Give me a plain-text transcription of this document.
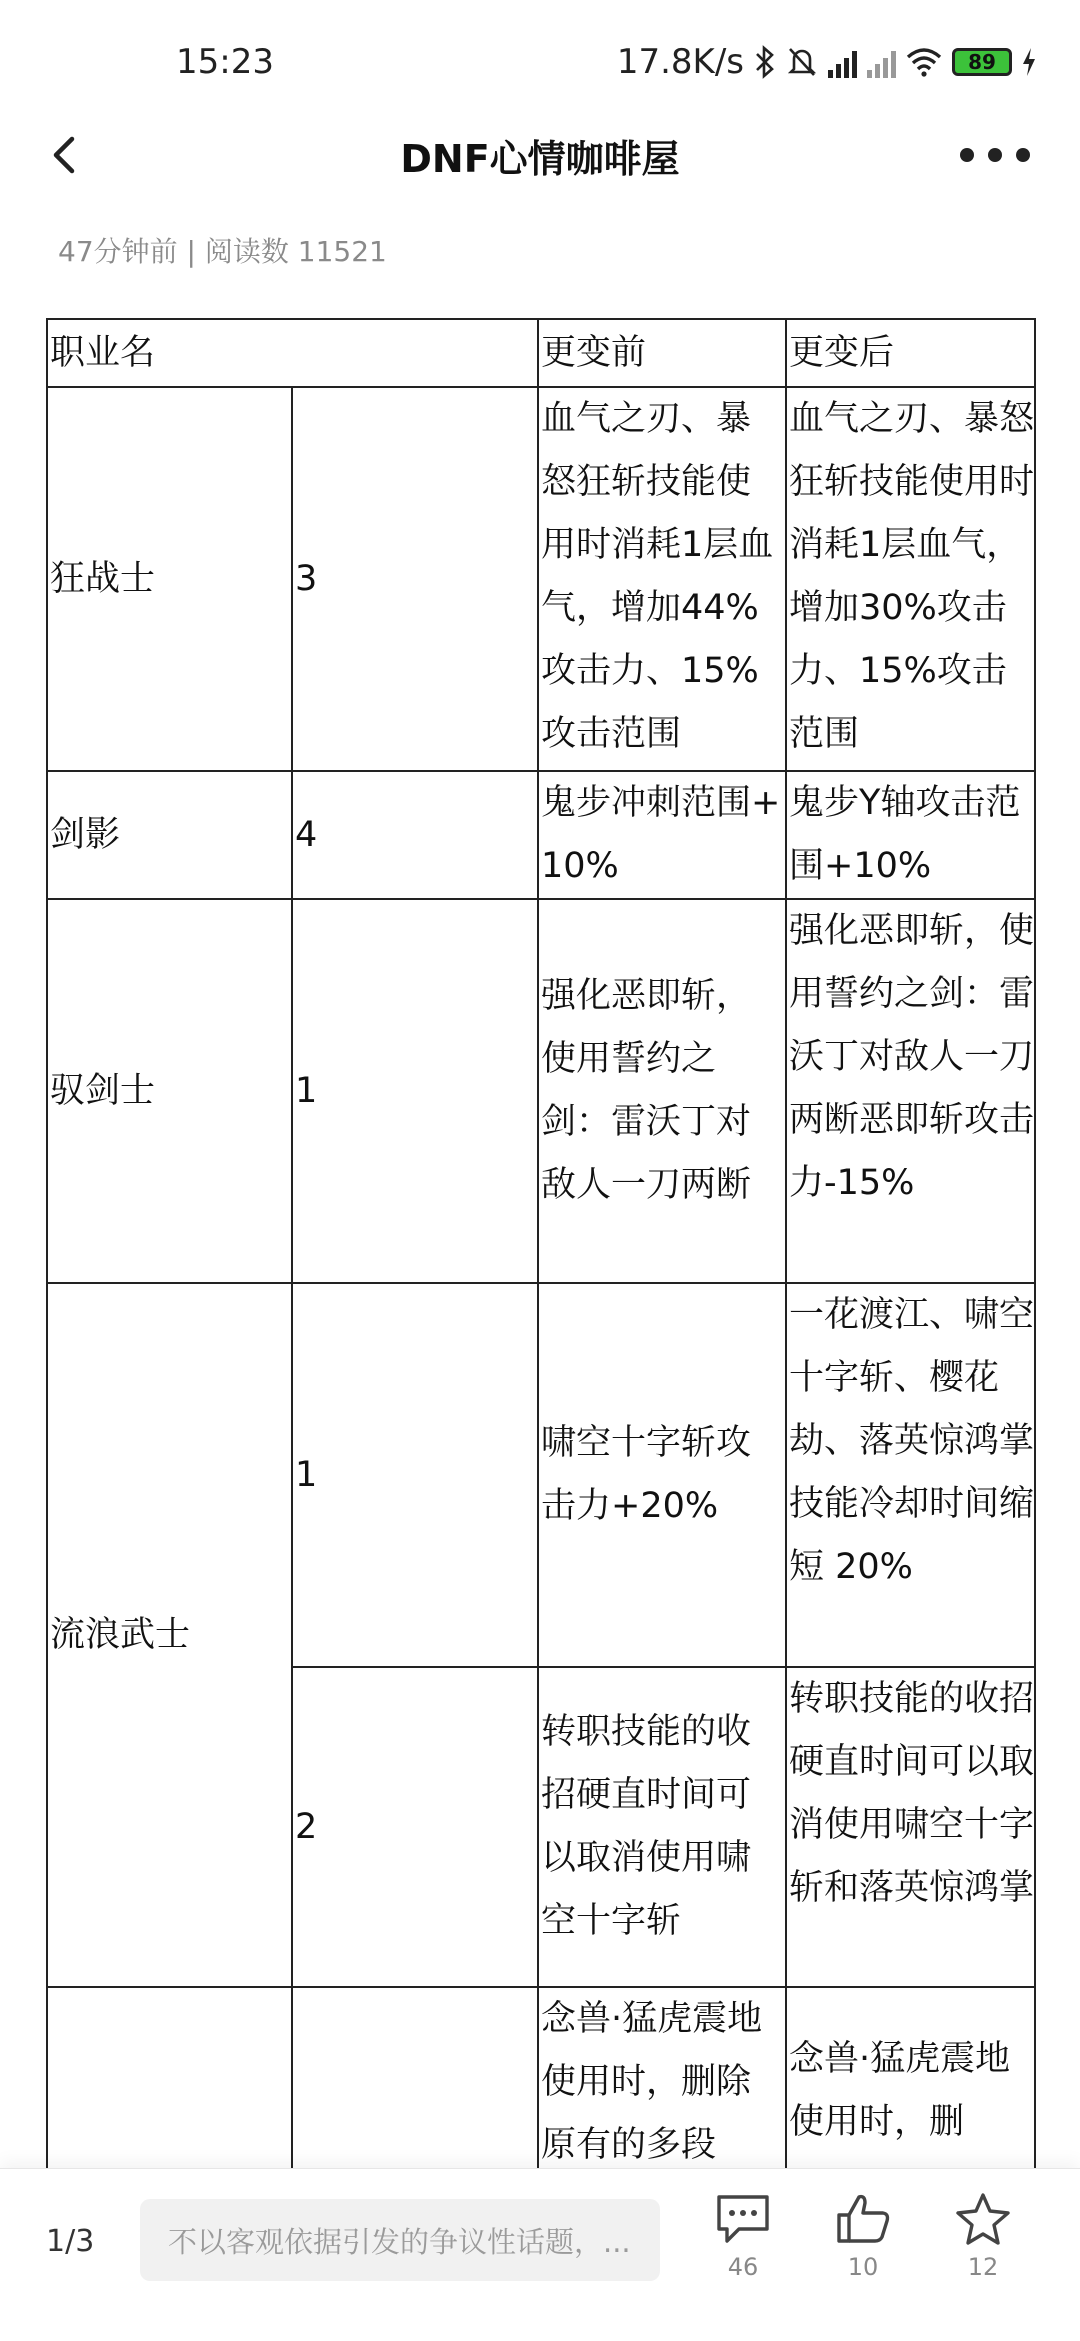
15:23	17.8K/s	89
DNF心情咖啡屋
47分钟前 | 阅读数 11521
职业名		更变前	更变后
狂战士	3	血气之刃、暴怒狂斩技能使用时消耗1层血气，增加44%攻击力、15%攻击范围	血气之刃、暴怒狂斩技能使用时消耗1层血气，增加30%攻击力、15%攻击范围
剑影	4	鬼步冲刺范围+10%	鬼步Y轴攻击范围+10%
驭剑士	1	强化恶即斩，使用誓约之剑：雷沃丁对敌人一刀两断	强化恶即斩，使用誓约之剑：雷沃丁对敌人一刀两断恶即斩攻击力-15%
流浪武士	1	啸空十字斩攻击力+20%	一花渡江、啸空十字斩、樱花劫、落英惊鸿掌技能冷却时间缩短 20%
	2	转职技能的收招硬直时间可以取消使用啸空十字斩	转职技能的收招硬直时间可以取消使用啸空十字斩和落英惊鸿掌
		念兽·猛虎震地使用时，删除原有的多段	念兽·猛虎震地使用时，删
1/3	不以客观依据引发的争议性话题，...
46	10	12
